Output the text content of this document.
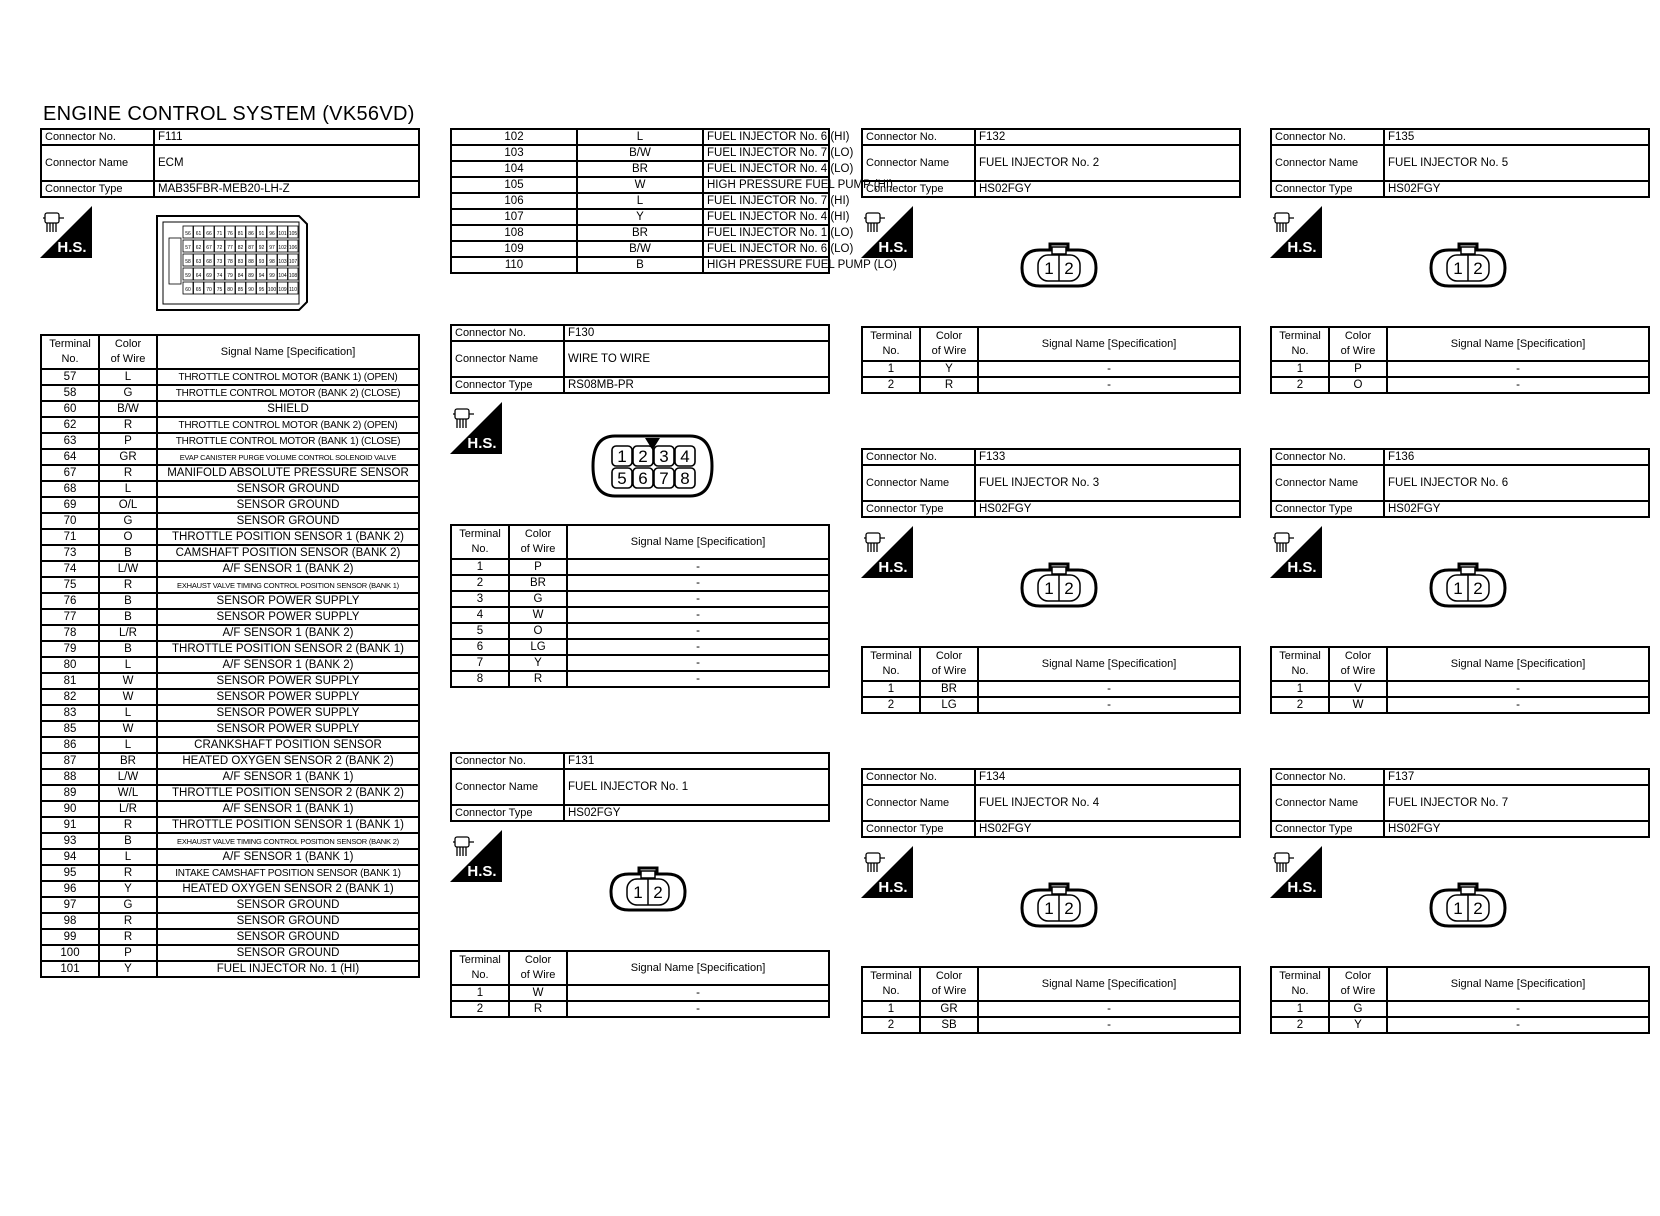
ENGINE CONTROL SYSTEM (VK56VD)
Connector No.	F111
Connector Name	ECM
Connector Type	MAB35FBR-MEB20-LH-Z
H.S.
56 61 66 71 76 81 86 91 96 101 105
57 62 67 72 77 82 87 92 97 102 106
58 63 68 73 78 83 88 93 98 103 107
59 64 69 74 79 84 89 94 99 104 108
60 65 70 75 80 85 90 95 100 109 110
Terminal
No.	Color
of Wire	Signal Name [Specification]
57	L	THROTTLE CONTROL MOTOR (BANK 1) (OPEN)
58	G	THROTTLE CONTROL MOTOR (BANK 2) (CLOSE)
60	B/W	SHIELD
62	R	THROTTLE CONTROL MOTOR (BANK 2) (OPEN)
63	P	THROTTLE CONTROL MOTOR (BANK 1) (CLOSE)
64	GR	EVAP CANISTER PURGE VOLUME CONTROL SOLENOID VALVE
67	R	MANIFOLD ABSOLUTE PRESSURE SENSOR
68	L	SENSOR GROUND
69	O/L	SENSOR GROUND
70	G	SENSOR GROUND
71	O	THROTTLE POSITION SENSOR 1 (BANK 2)
73	B	CAMSHAFT POSITION SENSOR (BANK 2)
74	L/W	A/F SENSOR 1 (BANK 2)
75	R	EXHAUST VALVE TIMING CONTROL POSITION SENSOR (BANK 1)
76	B	SENSOR POWER SUPPLY
77	B	SENSOR POWER SUPPLY
78	L/R	A/F SENSOR 1 (BANK 2)
79	B	THROTTLE POSITION SENSOR 2 (BANK 1)
80	L	A/F SENSOR 1 (BANK 2)
81	W	SENSOR POWER SUPPLY
82	W	SENSOR POWER SUPPLY
83	L	SENSOR POWER SUPPLY
85	W	SENSOR POWER SUPPLY
86	L	CRANKSHAFT POSITION SENSOR
87	BR	HEATED OXYGEN SENSOR 2 (BANK 2)
88	L/W	A/F SENSOR 1 (BANK 1)
89	W/L	THROTTLE POSITION SENSOR 2 (BANK 2)
90	L/R	A/F SENSOR 1 (BANK 1)
91	R	THROTTLE POSITION SENSOR 1 (BANK 1)
93	B	EXHAUST VALVE TIMING CONTROL POSITION SENSOR (BANK 2)
94	L	A/F SENSOR 1 (BANK 1)
95	R	INTAKE CAMSHAFT POSITION SENSOR (BANK 1)
96	Y	HEATED OXYGEN SENSOR 2 (BANK 1)
97	G	SENSOR GROUND
98	R	SENSOR GROUND
99	R	SENSOR GROUND
100	P	SENSOR GROUND
101	Y	FUEL INJECTOR No. 1 (HI)
102	L	FUEL INJECTOR No. 6 (HI)
103	B/W	FUEL INJECTOR No. 7 (LO)
104	BR	FUEL INJECTOR No. 4 (LO)
105	W	HIGH PRESSURE FUEL PUMP (HI)
106	L	FUEL INJECTOR No. 7 (HI)
107	Y	FUEL INJECTOR No. 4 (HI)
108	BR	FUEL INJECTOR No. 1 (LO)
109	B/W	FUEL INJECTOR No. 6 (LO)
110	B	HIGH PRESSURE FUEL PUMP (LO)
Connector No.	F130
Connector Name	WIRE TO WIRE
Connector Type	RS08MB-PR
H.S.
1 2 3 4
5 6 7 8
Terminal
No.	Color
of Wire	Signal Name [Specification]
1	P	-
2	BR	-
3	G	-
4	W	-
5	O	-
6	LG	-
7	Y	-
8	R	-
Connector No.	F131
Connector Name	FUEL INJECTOR No. 1
Connector Type	HS02FGY
H.S.
1 2
Terminal
No.	Color
of Wire	Signal Name [Specification]
1	W	-
2	R	-
Connector No.	F132
Connector Name	FUEL INJECTOR No. 2
Connector Type	HS02FGY
H.S.
1 2
Terminal
No.	Color
of Wire	Signal Name [Specification]
1	Y	-
2	R	-
Connector No.	F133
Connector Name	FUEL INJECTOR No. 3
Connector Type	HS02FGY
H.S.
1 2
Terminal
No.	Color
of Wire	Signal Name [Specification]
1	BR	-
2	LG	-
Connector No.	F134
Connector Name	FUEL INJECTOR No. 4
Connector Type	HS02FGY
H.S.
1 2
Terminal
No.	Color
of Wire	Signal Name [Specification]
1	GR	-
2	SB	-
Connector No.	F135
Connector Name	FUEL INJECTOR No. 5
Connector Type	HS02FGY
H.S.
1 2
Terminal
No.	Color
of Wire	Signal Name [Specification]
1	P	-
2	O	-
Connector No.	F136
Connector Name	FUEL INJECTOR No. 6
Connector Type	HS02FGY
H.S.
1 2
Terminal
No.	Color
of Wire	Signal Name [Specification]
1	V	-
2	W	-
Connector No.	F137
Connector Name	FUEL INJECTOR No. 7
Connector Type	HS02FGY
H.S.
1 2
Terminal
No.	Color
of Wire	Signal Name [Specification]
1	G	-
2	Y	-
